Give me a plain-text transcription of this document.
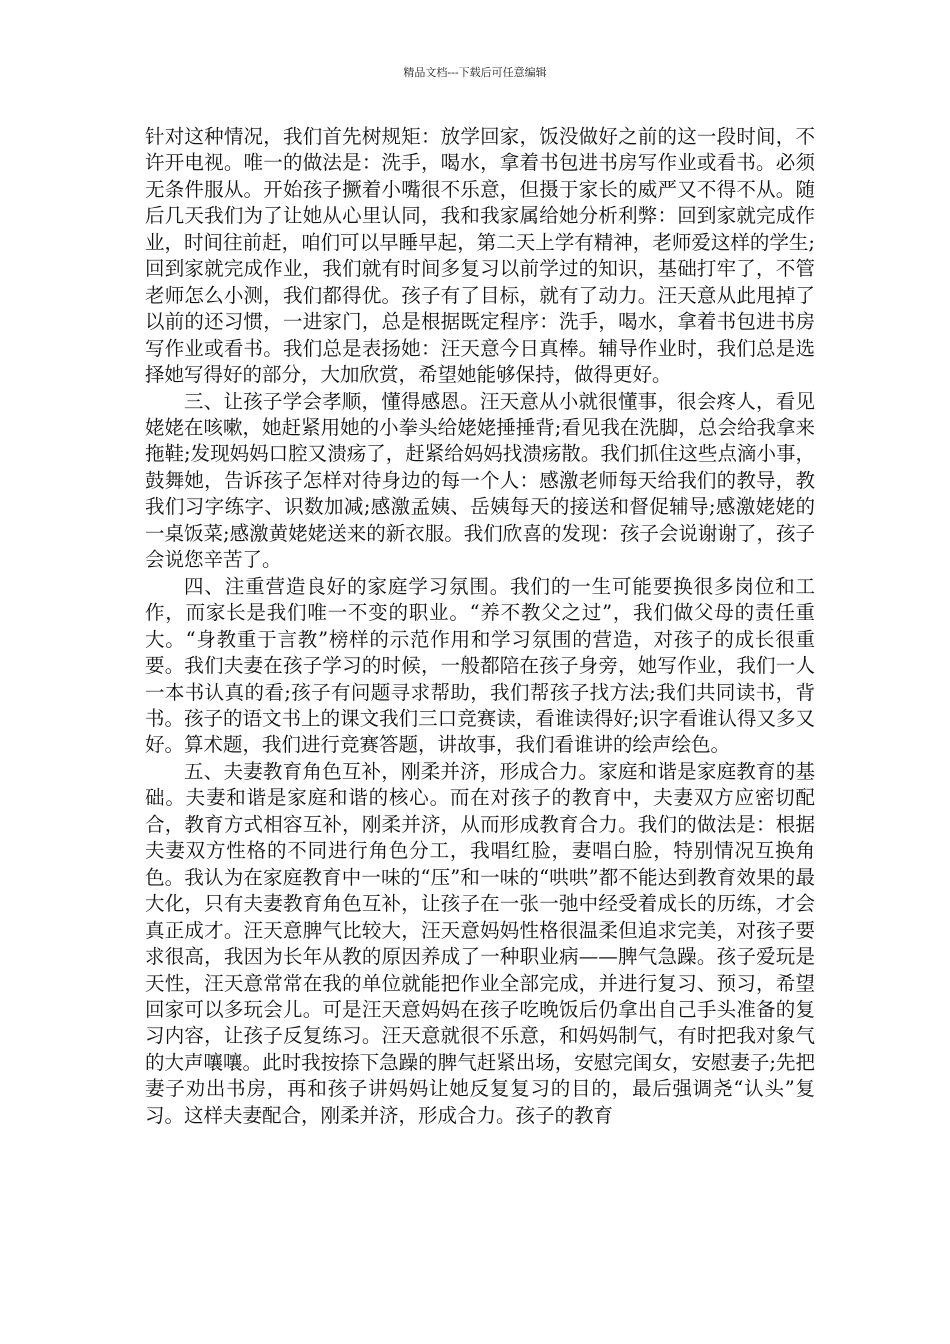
精品文档---下载后可任意编辑

针对这种情况，我们首先树规矩：放学回家，饭没做好之前的这一段时间，不许开电视。唯一的做法是：洗手，喝水，拿着书包进书房写作业或看书。必须无条件服从。开始孩子撅着小嘴很不乐意，但摄于家长的威严又不得不从。随后几天我们为了让她从心里认同，我和我家属给她分析利弊：回到家就完成作业，时间往前赶，咱们可以早睡早起，第二天上学有精神，老师爱这样的学生;回到家就完成作业，我们就有时间多复习以前学过的知识，基础打牢了，不管老师怎么小测，我们都得优。孩子有了目标，就有了动力。汪天意从此甩掉了以前的还习惯，一进家门，总是根据既定程序：洗手，喝水，拿着书包进书房写作业或看书。我们总是表扬她：汪天意今日真棒。辅导作业时，我们总是选择她写得好的部分，大加欣赏，希望她能够保持，做得更好。

三、让孩子学会孝顺，懂得感恩。汪天意从小就很懂事，很会疼人，看见姥姥在咳嗽，她赶紧用她的小拳头给姥姥捶捶背;看见我在洗脚，总会给我拿来拖鞋;发现妈妈口腔又溃疡了，赶紧给妈妈找溃疡散。我们抓住这些点滴小事，鼓舞她，告诉孩子怎样对待身边的每一个人：感激老师每天给我们的教导，教我们习字练字、识数加减;感激孟姨、岳姨每天的接送和督促辅导;感激姥姥的一桌饭菜;感激黄姥姥送来的新衣服。我们欣喜的发现：孩子会说谢谢了，孩子会说您辛苦了。

四、注重营造良好的家庭学习氛围。我们的一生可能要换很多岗位和工作，而家长是我们唯一不变的职业。“养不教父之过”，我们做父母的责任重大。“身教重于言教”榜样的示范作用和学习氛围的营造，对孩子的成长很重要。我们夫妻在孩子学习的时候，一般都陪在孩子身旁，她写作业，我们一人一本书认真的看;孩子有问题寻求帮助，我们帮孩子找方法;我们共同读书，背书。孩子的语文书上的课文我们三口竞赛读，看谁读得好;识字看谁认得又多又好。算术题，我们进行竞赛答题，讲故事，我们看谁讲的绘声绘色。

五、夫妻教育角色互补，刚柔并济，形成合力。家庭和谐是家庭教育的基础。夫妻和谐是家庭和谐的核心。而在对孩子的教育中，夫妻双方应密切配合，教育方式相容互补，刚柔并济，从而形成教育合力。我们的做法是：根据夫妻双方性格的不同进行角色分工，我唱红脸，妻唱白脸，特别情况互换角色。我认为在家庭教育中一味的“压”和一味的“哄哄”都不能达到教育效果的最大化，只有夫妻教育角色互补，让孩子在一张一弛中经受着成长的历练，才会真正成才。汪天意脾气比较大，汪天意妈妈性格很温柔但追求完美，对孩子要求很高，我因为长年从教的原因养成了一种职业病——脾气急躁。孩子爱玩是天性，汪天意常常在我的单位就能把作业全部完成，并进行复习、预习，希望回家可以多玩会儿。可是汪天意妈妈在孩子吃晚饭后仍拿出自己手头准备的复习内容，让孩子反复练习。汪天意就很不乐意，和妈妈制气，有时把我对象气的大声嚷嚷。此时我按捺下急躁的脾气赶紧出场，安慰完闺女，安慰妻子;先把妻子劝出书房，再和孩子讲妈妈让她反复复习的目的，最后强调尧“认头”复习。这样夫妻配合，刚柔并济，形成合力。孩子的教育
